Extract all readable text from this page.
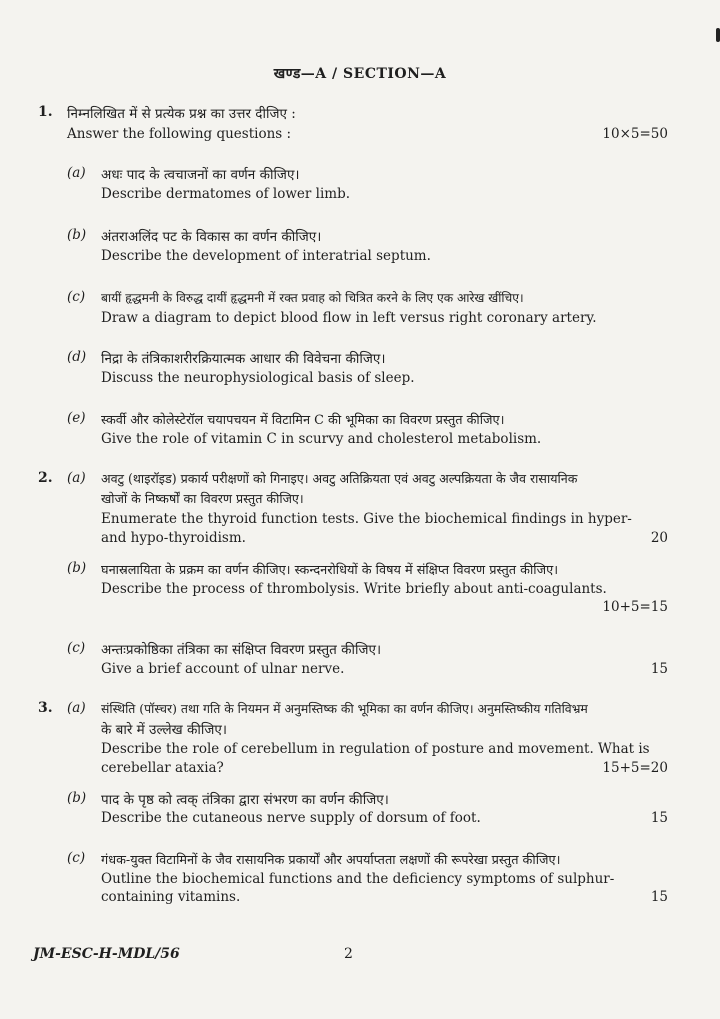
खण्ड—A / SECTION—A
1. निम्नलिखित में से प्रत्येक प्रश्न का उत्तर दीजिए :
Answer the following questions :	10×5=50
(a) अधः पाद के त्वचाजनों का वर्णन कीजिए।
Describe dermatomes of lower limb.
(b) अंतराअलिंद पट के विकास का वर्णन कीजिए।
Describe the development of interatrial septum.
(c) बायीं हृद्धमनी के विरुद्ध दायीं हृद्धमनी में रक्त प्रवाह को चित्रित करने के लिए एक आरेख खींचिए।
Draw a diagram to depict blood flow in left versus right coronary artery.
(d) निद्रा के तंत्रिकाशरीरक्रियात्मक आधार की विवेचना कीजिए।
Discuss the neurophysiological basis of sleep.
(e) स्कर्वी और कोलेस्टेरॉल चयापचयन में विटामिन C की भूमिका का विवरण प्रस्तुत कीजिए।
Give the role of vitamin C in scurvy and cholesterol metabolism.
2. (a) अवटु (थाइरॉइड) प्रकार्य परीक्षणों को गिनाइए। अवटु अतिक्रियता एवं अवटु अल्पक्रियता के जैव रासायनिक
खोजों के निष्कर्षों का विवरण प्रस्तुत कीजिए।
Enumerate the thyroid function tests. Give the biochemical findings in hyper-
and hypo-thyroidism.	20
(b) घनास्रलायिता के प्रक्रम का वर्णन कीजिए। स्कन्दनरोधियों के विषय में संक्षिप्त विवरण प्रस्तुत कीजिए।
Describe the process of thrombolysis. Write briefly about anti-coagulants.
10+5=15
(c) अन्तःप्रकोष्ठिका तंत्रिका का संक्षिप्त विवरण प्रस्तुत कीजिए।
Give a brief account of ulnar nerve.	15
3. (a) संस्थिति (पॉस्चर) तथा गति के नियमन में अनुमस्तिष्क की भूमिका का वर्णन कीजिए। अनुमस्तिष्कीय गतिविभ्रम
के बारे में उल्लेख कीजिए।
Describe the role of cerebellum in regulation of posture and movement. What is
cerebellar ataxia?	15+5=20
(b) पाद के पृष्ठ को त्वक् तंत्रिका द्वारा संभरण का वर्णन कीजिए।
Describe the cutaneous nerve supply of dorsum of foot.	15
(c) गंधक-युक्त विटामिनों के जैव रासायनिक प्रकार्यों और अपर्याप्तता लक्षणों की रूपरेखा प्रस्तुत कीजिए।
Outline the biochemical functions and the deficiency symptoms of sulphur-
containing vitamins.	15
JM-ESC-H-MDL/56	2
